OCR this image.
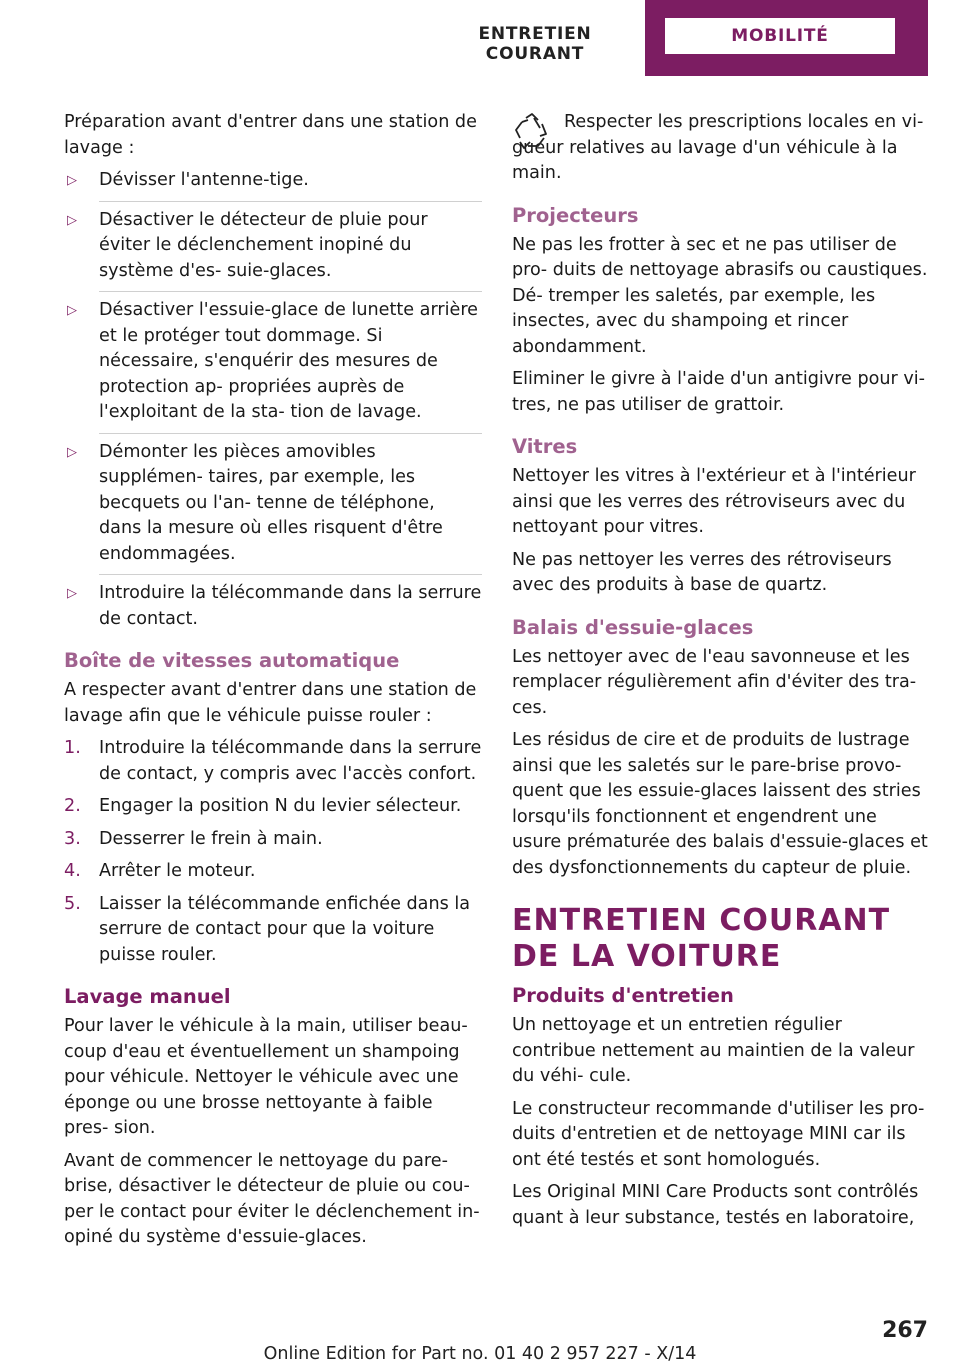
ENTRETIEN COURANT
MOBILITÉ

Préparation avant d'entrer dans une station de lavage :

▷ Dévisser l'antenne-tige.
▷ Désactiver le détecteur de pluie pour éviter le déclenchement inopiné du système d'es‐ suie-glaces.
▷ Désactiver l'essuie-glace de lunette arrière et le protéger tout dommage. Si nécessaire, s'enquérir des mesures de protection ap‐ propriées auprès de l'exploitant de la sta‐ tion de lavage.
▷ Démonter les pièces amovibles supplémen‐ taires, par exemple, les becquets ou l'an‐ tenne de téléphone, dans la mesure où elles risquent d'être endommagées.
▷ Introduire la télécommande dans la serrure de contact.
Boîte de vitesses automatique

A respecter avant d'entrer dans une station de lavage afin que le véhicule puisse rouler :

1. Introduire la télécommande dans la serrure de contact, y compris avec l'accès confort.
2. Engager la position N du levier sélecteur.
3. Desserrer le frein à main.
4. Arrêter le moteur.
5. Laisser la télécommande enfichée dans la serrure de contact pour que la voiture puisse rouler.
Lavage manuel

Pour laver le véhicule à la main, utiliser beau‐ coup d'eau et éventuellement un shampoing pour véhicule. Nettoyer le véhicule avec une éponge ou une brosse nettoyante à faible pres‐ sion.

Avant de commencer le nettoyage du pare- brise, désactiver le détecteur de pluie ou cou‐ per le contact pour éviter le déclenchement in‐ opiné du système d'essuie-glaces.

Respecter les prescriptions locales en vi‐ gueur relatives au lavage d'un véhicule à la main.

Projecteurs

Ne pas les frotter à sec et ne pas utiliser de pro‐ duits de nettoyage abrasifs ou caustiques. Dé‐ tremper les saletés, par exemple, les insectes, avec du shampoing et rincer abondamment.

Eliminer le givre à l'aide d'un antigivre pour vi‐ tres, ne pas utiliser de grattoir.

Vitres

Nettoyer les vitres à l'extérieur et à l'intérieur ainsi que les verres des rétroviseurs avec du nettoyant pour vitres.

Ne pas nettoyer les verres des rétroviseurs avec des produits à base de quartz.

Balais d'essuie-glaces

Les nettoyer avec de l'eau savonneuse et les remplacer régulièrement afin d'éviter des tra‐ ces.

Les résidus de cire et de produits de lustrage ainsi que les saletés sur le pare-brise provo‐ quent que les essuie-glaces laissent des stries lorsqu'ils fonctionnent et engendrent une usure prématurée des balais d'essuie-glaces et des dysfonctionnements du capteur de pluie.

ENTRETIEN COURANT DE LA VOITURE
Produits d'entretien

Un nettoyage et un entretien régulier contribue nettement au maintien de la valeur du véhi‐ cule.

Le constructeur recommande d'utiliser les pro‐ duits d'entretien et de nettoyage MINI car ils ont été testés et sont homologués.

Les Original MINI Care Products sont contrôlés quant à leur substance, testés en laboratoire,

267
Online Edition for Part no. 01 40 2 957 227 - X/14
